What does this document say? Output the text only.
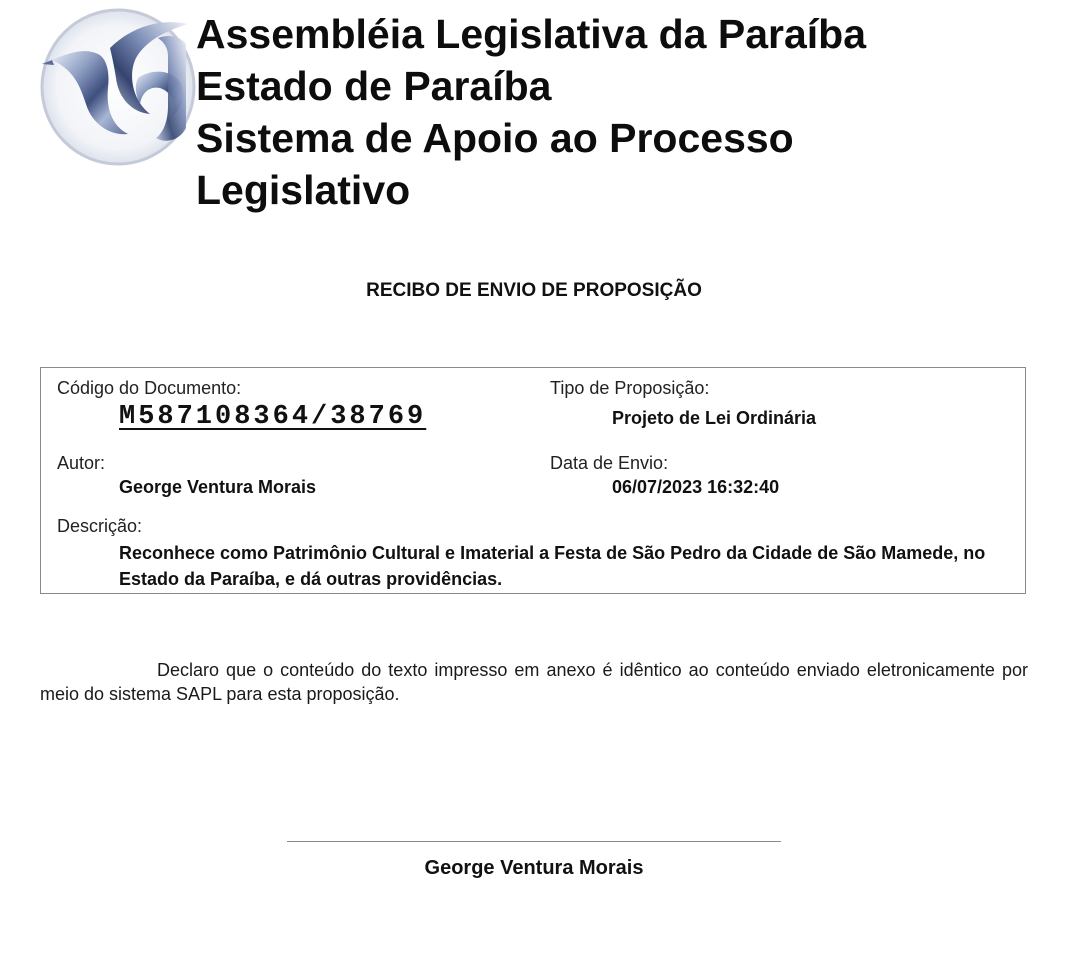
Assembléia Legislativa da Paraíba
Estado de Paraíba
Sistema de Apoio ao Processo
Legislativo
RECIBO DE ENVIO DE PROPOSIÇÃO
Código do Documento:
M587108364/38769
Tipo de Proposição:
Projeto de Lei Ordinária
Autor:
George Ventura Morais
Data de Envio:
06/07/2023 16:32:40
Descrição:
Reconhece como Patrimônio Cultural e Imaterial a Festa de São Pedro da Cidade de São Mamede, no Estado da Paraíba, e dá outras providências.
Declaro que o conteúdo do texto impresso em anexo é idêntico ao conteúdo enviado eletronicamente por meio do sistema SAPL para esta proposição.
George Ventura Morais
